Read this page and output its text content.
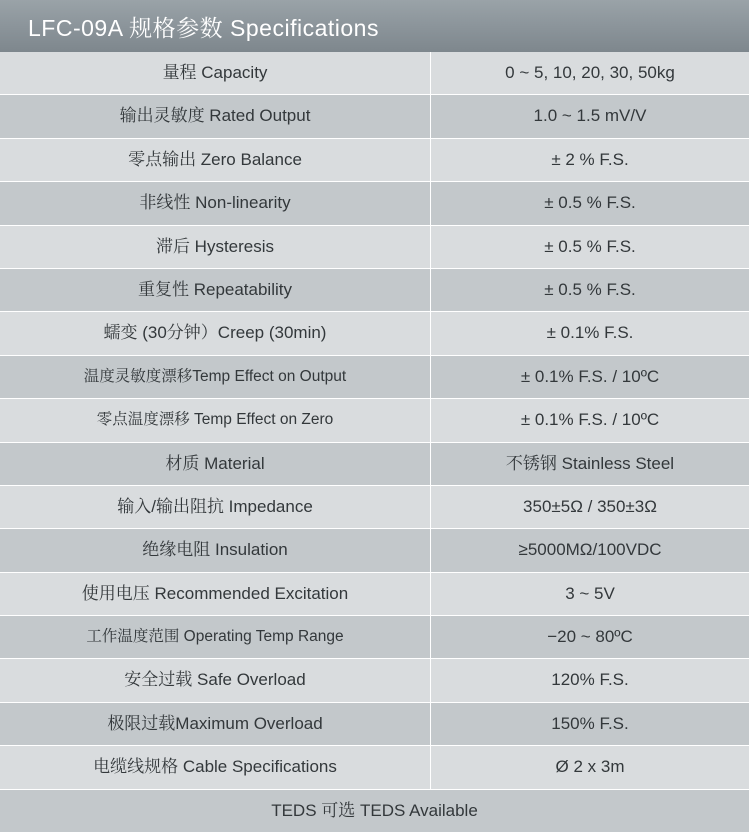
LFC-09A 规格参数 Specifications
量程 Capacity	0 ~ 5, 10, 20, 30, 50kg
输出灵敏度 Rated Output	1.0 ~ 1.5 mV/V
零点输出 Zero Balance	± 2 % F.S.
非线性 Non-linearity	± 0.5 % F.S.
滞后 Hysteresis	± 0.5 % F.S.
重复性 Repeatability	± 0.5 % F.S.
蠕变 (30分钟）Creep (30min)	± 0.1% F.S.
温度灵敏度漂移Temp Effect on Output	± 0.1% F.S. / 10ºC
零点温度漂移 Temp Effect on Zero	± 0.1% F.S. / 10ºC
材质 Material	不锈钢 Stainless Steel
输入/输出阻抗 Impedance	350±5Ω / 350±3Ω
绝缘电阻 Insulation	≥5000MΩ/100VDC
使用电压 Recommended Excitation	3 ~ 5V
工作温度范围 Operating Temp Range	−20 ~ 80ºC
安全过载 Safe Overload	120% F.S.
极限过载Maximum Overload	150% F.S.
电缆线规格 Cable Specifications	Ø 2 x 3m
TEDS 可选 TEDS Available
